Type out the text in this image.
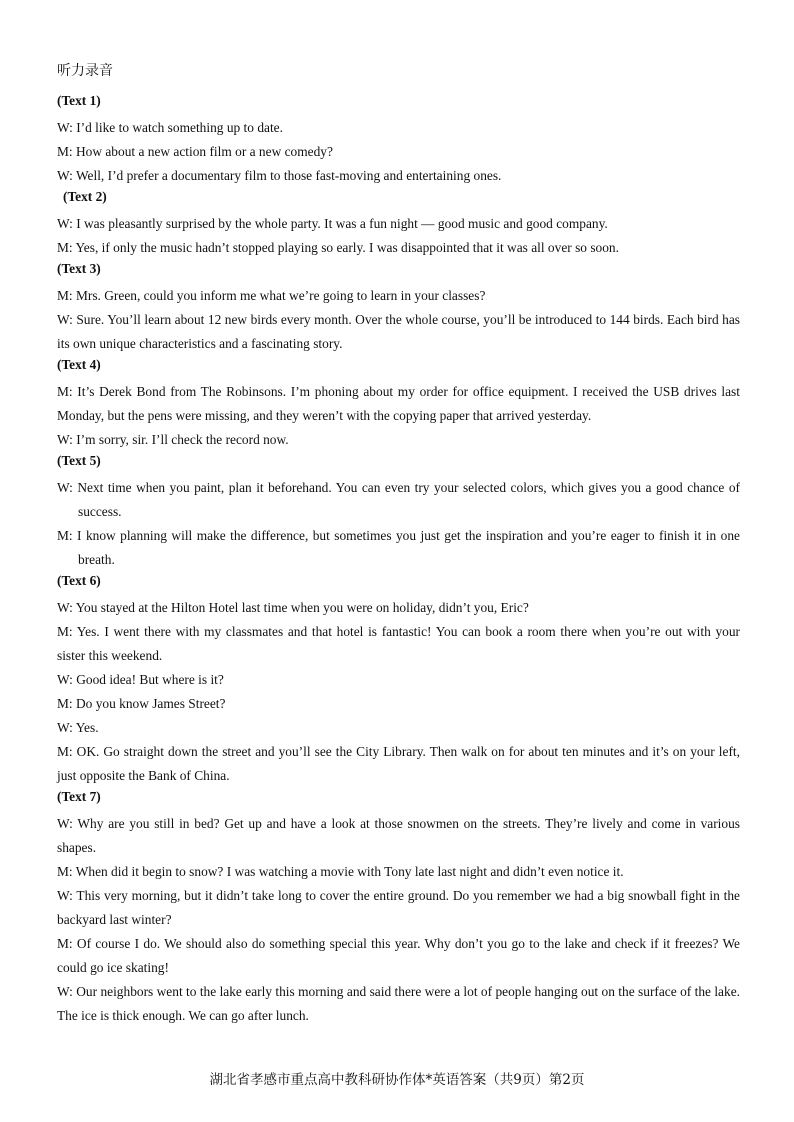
听力录音
(Text 1)

W: I’d like to watch something up to date.

M: How about a new action film or a new comedy?

W: Well, I’d prefer a documentary film to those fast-moving and entertaining ones.

(Text 2)

W: I was pleasantly surprised by the whole party. It was a fun night — good music and good company.

M: Yes, if only the music hadn’t stopped playing so early. I was disappointed that it was all over so soon.

(Text 3)

M: Mrs. Green, could you inform me what we’re going to learn in your classes?

W: Sure. You’ll learn about 12 new birds every month. Over the whole course, you’ll be introduced to 144 birds. Each bird has its own unique characteristics and a fascinating story.

(Text 4)

M: It’s Derek Bond from The Robinsons. I’m phoning about my order for office equipment. I received the USB drives last Monday, but the pens were missing, and they weren’t with the copying paper that arrived yesterday.

W: I’m sorry, sir. I’ll check the record now.

(Text 5)

W: Next time when you paint, plan it beforehand. You can even try your selected colors, which gives you a good chance of success.

M: I know planning will make the difference, but sometimes you just get the inspiration and you’re eager to finish it in one breath.

(Text 6)

W: You stayed at the Hilton Hotel last time when you were on holiday, didn’t you, Eric?

M: Yes. I went there with my classmates and that hotel is fantastic! You can book a room there when you’re out with your sister this weekend.

W: Good idea! But where is it?

M: Do you know James Street?

W: Yes.

M: OK. Go straight down the street and you’ll see the City Library. Then walk on for about ten minutes and it’s on your left, just opposite the Bank of China.

(Text 7)

W: Why are you still in bed? Get up and have a look at those snowmen on the streets. They’re lively and come in various shapes.

M: When did it begin to snow? I was watching a movie with Tony late last night and didn’t even notice it.

W: This very morning, but it didn’t take long to cover the entire ground. Do you remember we had a big snowball fight in the backyard last winter?

M: Of course I do. We should also do something special this year. Why don’t you go to the lake and check if it freezes? We could go ice skating!

W: Our neighbors went to the lake early this morning and said there were a lot of people hanging out on the surface of the lake. The ice is thick enough. We can go after lunch.

湖北省孝感市重点高中教科研协作体*英语答案（共9页）第2页
